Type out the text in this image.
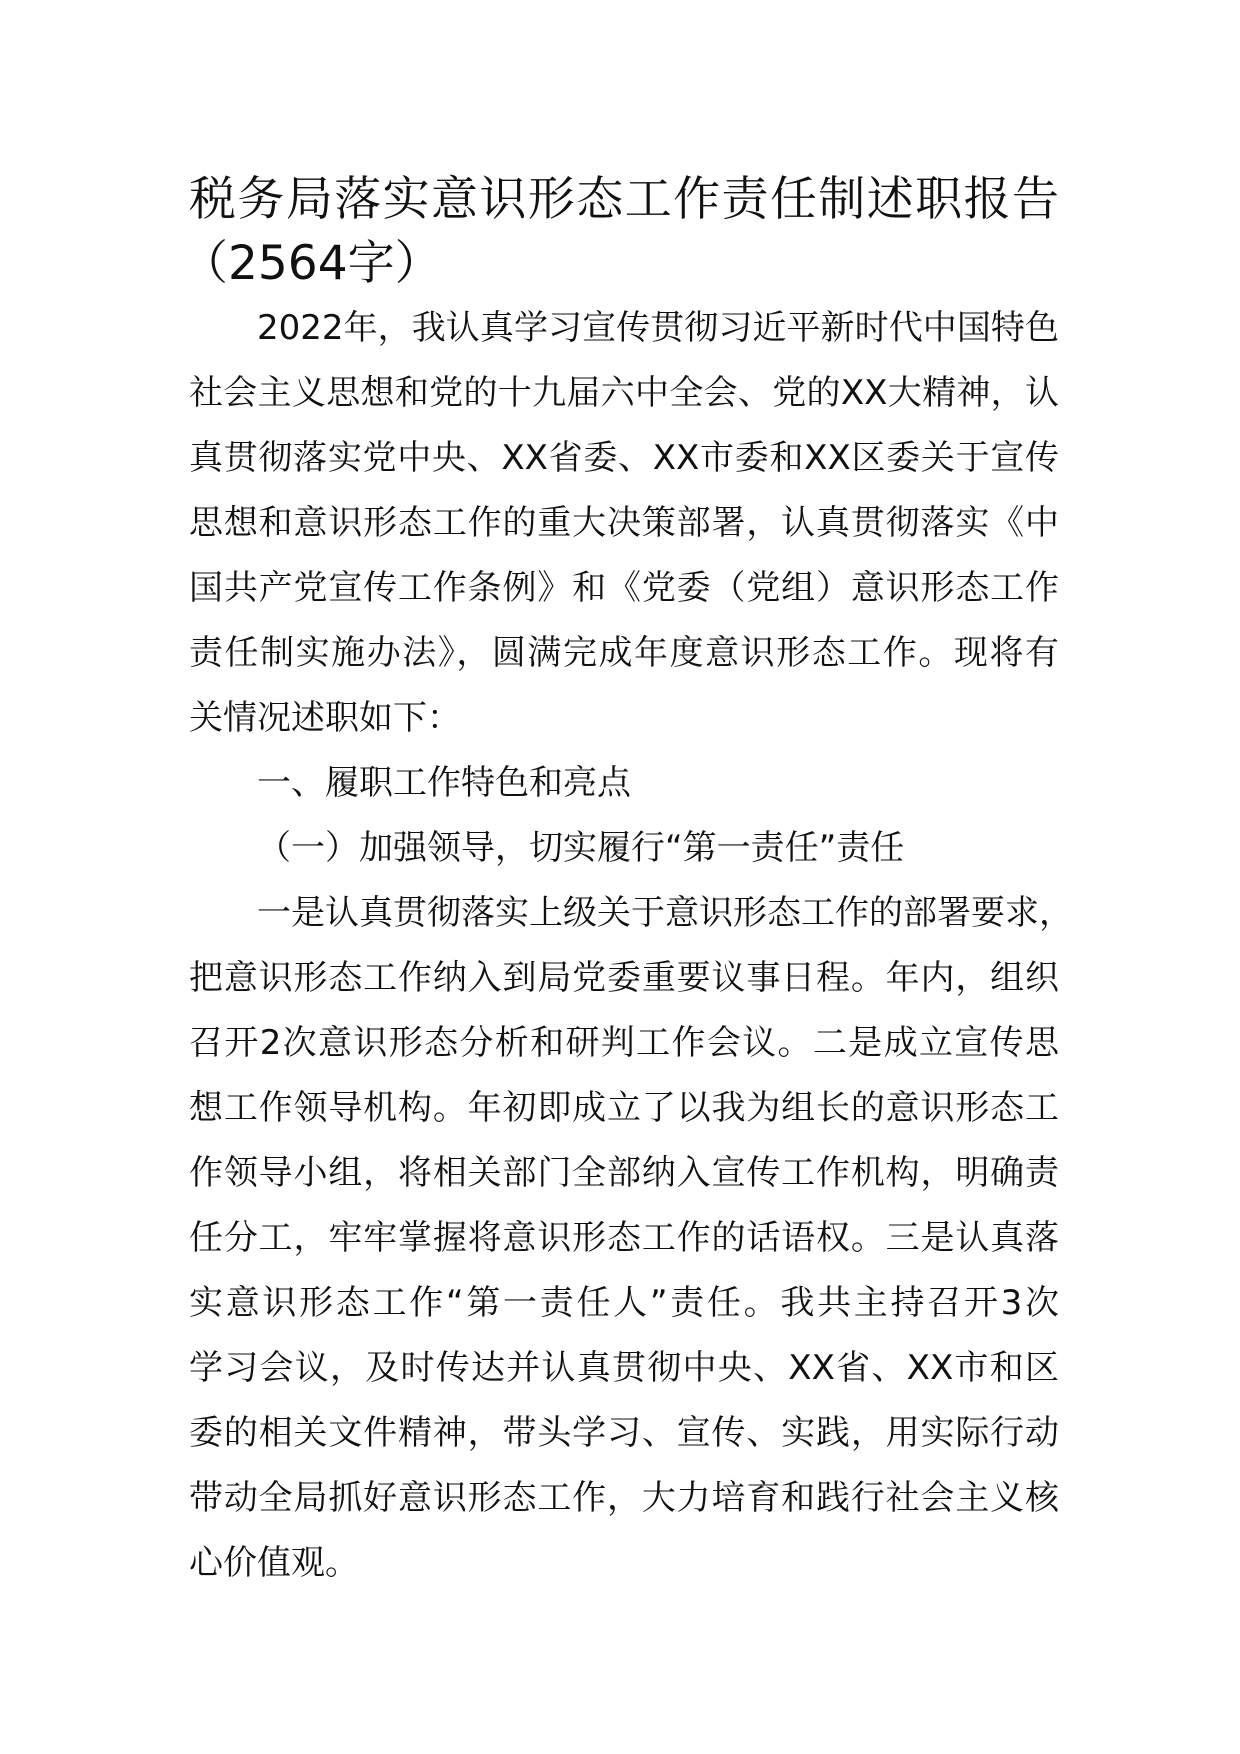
税务局落实意识形态工作责任制述职报告
（2564字）
2022年，我认真学习宣传贯彻习近平新时代中国特色
社会主义思想和党的十九届六中全会、党的XX大精神，认
真贯彻落实党中央、XX省委、XX市委和XX区委关于宣传
思想和意识形态工作的重大决策部署，认真贯彻落实《中
国共产党宣传工作条例》和《党委（党组）意识形态工作
责任制实施办法》，圆满完成年度意识形态工作。现将有
关情况述职如下：
一、履职工作特色和亮点
（一）加强领导，切实履行“第一责任”责任
一是认真贯彻落实上级关于意识形态工作的部署要求，
把意识形态工作纳入到局党委重要议事日程。年内，组织
召开2次意识形态分析和研判工作会议。二是成立宣传思
想工作领导机构。年初即成立了以我为组长的意识形态工
作领导小组，将相关部门全部纳入宣传工作机构，明确责
任分工，牢牢掌握将意识形态工作的话语权。三是认真落
实意识形态工作“第一责任人”责任。我共主持召开3次
学习会议，及时传达并认真贯彻中央、XX省、XX市和区
委的相关文件精神，带头学习、宣传、实践，用实际行动
带动全局抓好意识形态工作，大力培育和践行社会主义核
心价值观。
